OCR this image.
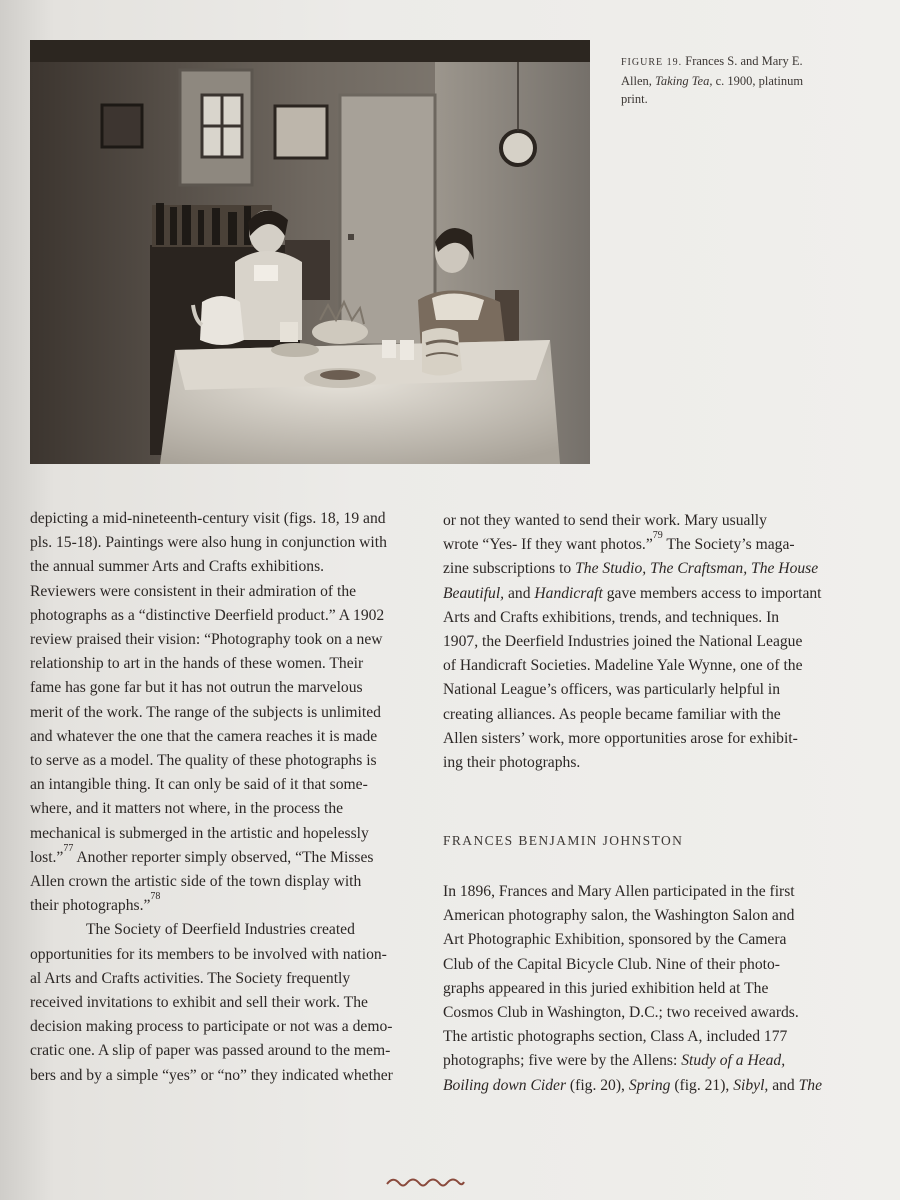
FIGURE 19. Frances S. and Mary E. Allen, Taking Tea, c. 1900, platinum print.

depicting a mid-nineteenth-century visit (figs. 18, 19 and

pls. 15-18). Paintings were also hung in conjunction with

the annual summer Arts and Crafts exhibitions.

Reviewers were consistent in their admiration of the

photographs as a “distinctive Deerfield product.” A 1902

review praised their vision: “Photography took on a new

relationship to art in the hands of these women. Their

fame has gone far but it has not outrun the marvelous

merit of the work. The range of the subjects is unlimited

and whatever the one that the camera reaches it is made

to serve as a model. The quality of these photographs is

an intangible thing. It can only be said of it that some-

where, and it matters not where, in the process the

mechanical is submerged in the artistic and hopelessly

lost.”$^{77}$ Another reporter simply observed, “The Misses

Allen crown the artistic side of the town display with

their photographs.”$^{78}$

The Society of Deerfield Industries created

opportunities for its members to be involved with nation-

al Arts and Crafts activities. The Society frequently

received invitations to exhibit and sell their work. The

decision making process to participate or not was a demo-

cratic one. A slip of paper was passed around to the mem-

bers and by a simple “yes” or “no” they indicated whether

or not they wanted to send their work. Mary usually

wrote “Yes- If they want photos.”$^{79}$ The Society’s maga-

zine subscriptions to The Studio, The Craftsman, The House

Beautiful, and Handicraft gave members access to important

Arts and Crafts exhibitions, trends, and techniques. In

1907, the Deerfield Industries joined the National League

of Handicraft Societies. Madeline Yale Wynne, one of the

National League’s officers, was particularly helpful in

creating alliances. As people became familiar with the

Allen sisters’ work, more opportunities arose for exhibit-

ing their photographs.

FRANCES BENJAMIN JOHNSTON

In 1896, Frances and Mary Allen participated in the first

American photography salon, the Washington Salon and

Art Photographic Exhibition, sponsored by the Camera

Club of the Capital Bicycle Club. Nine of their photo-

graphs appeared in this juried exhibition held at The

Cosmos Club in Washington, D.C.; two received awards.

The artistic photographs section, Class A, included 177

photographs; five were by the Allens: Study of a Head,

Boiling down Cider (fig. 20), Spring (fig. 21), Sibyl, and The
